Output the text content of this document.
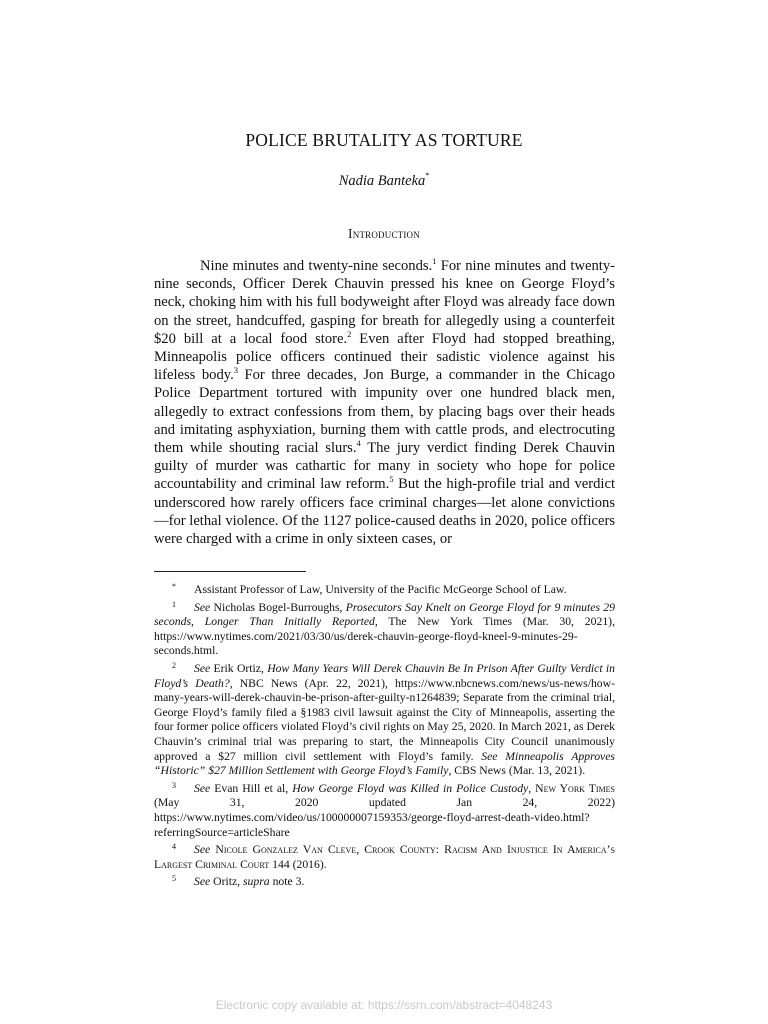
POLICE BRUTALITY AS TORTURE
Nadia Banteka*
Introduction

Nine minutes and twenty-nine seconds.$^1$ For nine minutes and twenty-nine seconds, Officer Derek Chauvin pressed his knee on George Floyd’s neck, choking him with his full bodyweight after Floyd was already face down on the street, handcuffed, gasping for breath for allegedly using a counterfeit $20 bill at a local food store.$^2$ Even after Floyd had stopped breathing, Minneapolis police officers continued their sadistic violence against his lifeless body.$^3$ For three decades, Jon Burge, a commander in the Chicago Police Department tortured with impunity over one hundred black men, allegedly to extract confessions from them, by placing bags over their heads and imitating asphyxiation, burning them with cattle prods, and electrocuting them while shouting racial slurs.$^4$ The jury verdict finding Derek Chauvin guilty of murder was cathartic for many in society who hope for police accountability and criminal law reform.$^5$ But the high-profile trial and verdict underscored how rarely officers face criminal charges—let alone convictions—for lethal violence. Of the 1127 police-caused deaths in 2020, police officers were charged with a crime in only sixteen cases, or

* Assistant Professor of Law, University of the Pacific McGeorge School of Law.

1 See Nicholas Bogel-Burroughs, Prosecutors Say Knelt on George Floyd for 9 minutes 29 seconds, Longer Than Initially Reported, The New York Times (Mar. 30, 2021), https://www.nytimes.com/2021/03/30/us/derek-chauvin-george-floyd-kneel-9-minutes-29-seconds.html.

2 See Erik Ortiz, How Many Years Will Derek Chauvin Be In Prison After Guilty Verdict in Floyd’s Death?, NBC News (Apr. 22, 2021), https://www.nbcnews.com/news/us-news/how-many-years-will-derek-chauvin-be-prison-after-guilty-n1264839; Separate from the criminal trial, George Floyd’s family filed a §1983 civil lawsuit against the City of Minneapolis, asserting the four former police officers violated Floyd’s civil rights on May 25, 2020. In March 2021, as Derek Chauvin’s criminal trial was preparing to start, the Minneapolis City Council unanimously approved a $27 million civil settlement with Floyd’s family. See Minneapolis Approves “Historic” $27 Million Settlement with George Floyd’s Family, CBS News (Mar. 13, 2021).

3 See Evan Hill et al, How George Floyd was Killed in Police Custody, New York Times (May 31, 2020 updated Jan 24, 2022) https://www.nytimes.com/video/us/100000007159353/george-floyd-arrest-death-video.html?referringSource=articleShare

4 See Nicole Gonzalez Van Cleve, Crook County: Racism And Injustice In America’s Largest Criminal Court 144 (2016).

5 See Oritz, supra note 3.

Electronic copy available at: https://ssrn.com/abstract=4048243
